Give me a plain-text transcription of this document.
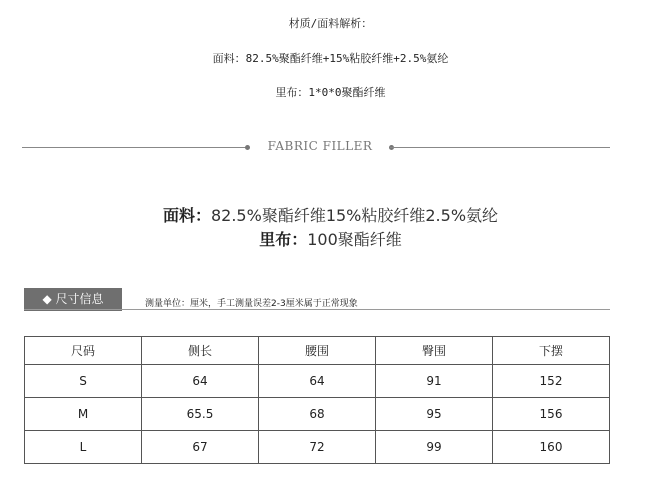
材质/面料解析：
面料：82.5%聚酯纤维+15%粘胶纤维+2.5%氨纶
里布：1*0*0聚酯纤维
FABRIC FILLER
面料：82.5%聚酯纤维15%粘胶纤维2.5%氨纶
里布：100聚酯纤维
◆ 尺寸信息	测量单位：厘米，手工测量误差2-3厘米属于正常现象
尺码	侧长	腰围	臀围	下摆
S	64	64	91	152
M	65.5	68	95	156
L	67	72	99	160
